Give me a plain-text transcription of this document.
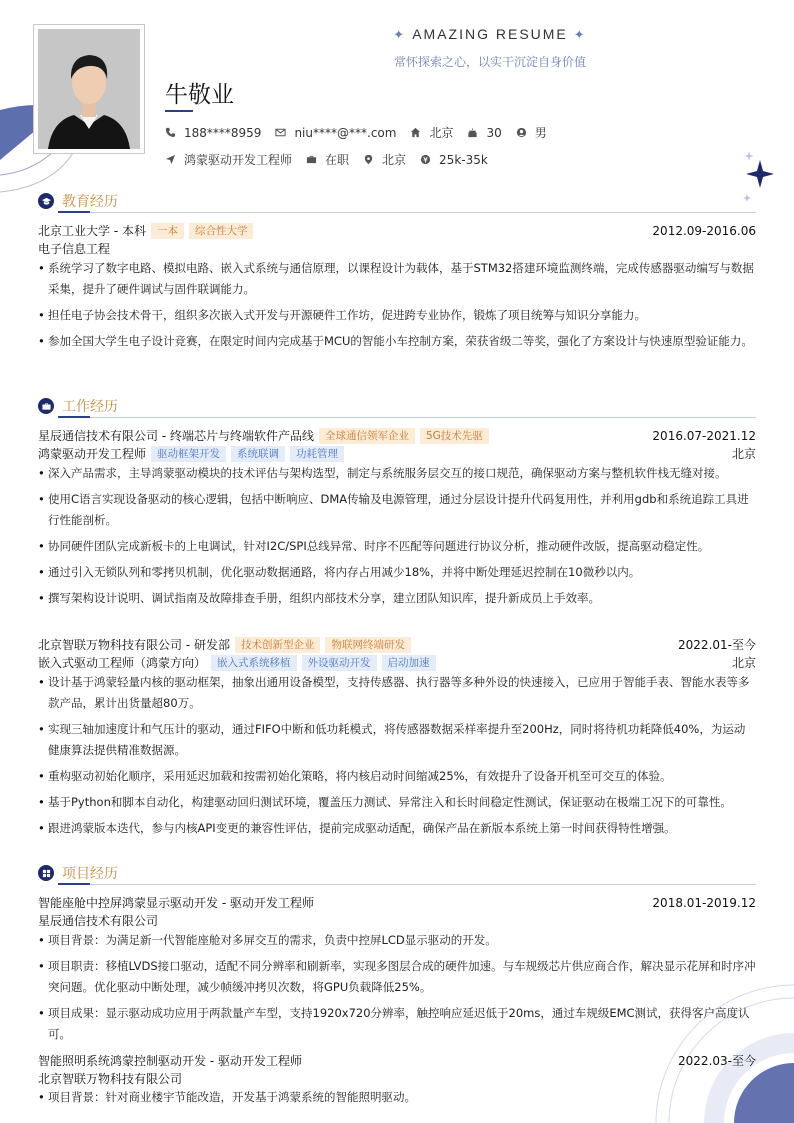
✦ AMAZING RESUME ✦
常怀探索之心，以实干沉淀自身价值
牛敬业
188****8959	niu****@***.com	北京	30	男
鸿蒙驱动开发工程师	在职	北京	25k-35k
教育经历
北京工业大学 - 本科	一本	综合性大学	2012.09-2016.06
电子信息工程
• 系统学习了数字电路、模拟电路、嵌入式系统与通信原理，以课程设计为载体，基于STM32搭建环境监测终端，完成传感器驱动编写与数据采集，提升了硬件调试与固件联调能力。
• 担任电子协会技术骨干，组织多次嵌入式开发与开源硬件工作坊，促进跨专业协作，锻炼了项目统筹与知识分享能力。
• 参加全国大学生电子设计竞赛，在限定时间内完成基于MCU的智能小车控制方案，荣获省级二等奖，强化了方案设计与快速原型验证能力。
工作经历
星辰通信技术有限公司 - 终端芯片与终端软件产品线	全球通信领军企业	5G技术先驱	2016.07-2021.12
鸿蒙驱动开发工程师	驱动框架开发	系统联调	功耗管理	北京
• 深入产品需求，主导鸿蒙驱动模块的技术评估与架构选型，制定与系统服务层交互的接口规范，确保驱动方案与整机软件栈无缝对接。
• 使用C语言实现设备驱动的核心逻辑，包括中断响应、DMA传输及电源管理，通过分层设计提升代码复用性，并利用gdb和系统追踪工具进行性能剖析。
• 协同硬件团队完成新板卡的上电调试，针对I2C/SPI总线异常、时序不匹配等问题进行协议分析，推动硬件改版，提高驱动稳定性。
• 通过引入无锁队列和零拷贝机制，优化驱动数据通路，将内存占用减少18%，并将中断处理延迟控制在10微秒以内。
• 撰写架构设计说明、调试指南及故障排查手册，组织内部技术分享，建立团队知识库，提升新成员上手效率。
北京智联万物科技有限公司 - 研发部	技术创新型企业	物联网终端研发	2022.01-至今
嵌入式驱动工程师（鸿蒙方向）	嵌入式系统移植	外设驱动开发	启动加速	北京
• 设计基于鸿蒙轻量内核的驱动框架，抽象出通用设备模型，支持传感器、执行器等多种外设的快速接入，已应用于智能手表、智能水表等多款产品，累计出货量超80万。
• 实现三轴加速度计和气压计的驱动，通过FIFO中断和低功耗模式，将传感器数据采样率提升至200Hz，同时将待机功耗降低40%，为运动健康算法提供精准数据源。
• 重构驱动初始化顺序，采用延迟加载和按需初始化策略，将内核启动时间缩减25%，有效提升了设备开机至可交互的体验。
• 基于Python和脚本自动化，构建驱动回归测试环境，覆盖压力测试、异常注入和长时间稳定性测试，保证驱动在极端工况下的可靠性。
• 跟进鸿蒙版本迭代，参与内核API变更的兼容性评估，提前完成驱动适配，确保产品在新版本系统上第一时间获得特性增强。
项目经历
智能座舱中控屏鸿蒙显示驱动开发 - 驱动开发工程师	2018.01-2019.12
星辰通信技术有限公司
• 项目背景：为满足新一代智能座舱对多屏交互的需求，负责中控屏LCD显示驱动的开发。
• 项目职责：移植LVDS接口驱动，适配不同分辨率和刷新率，实现多图层合成的硬件加速。与车规级芯片供应商合作，解决显示花屏和时序冲突问题。优化驱动中断处理，减少帧缓冲拷贝次数，将GPU负载降低25%。
• 项目成果：显示驱动成功应用于两款量产车型，支持1920x720分辨率，触控响应延迟低于20ms，通过车规级EMC测试，获得客户高度认可。
智能照明系统鸿蒙控制驱动开发 - 驱动开发工程师	2022.03-至今
北京智联万物科技有限公司
• 项目背景：针对商业楼宇节能改造，开发基于鸿蒙系统的智能照明驱动。
